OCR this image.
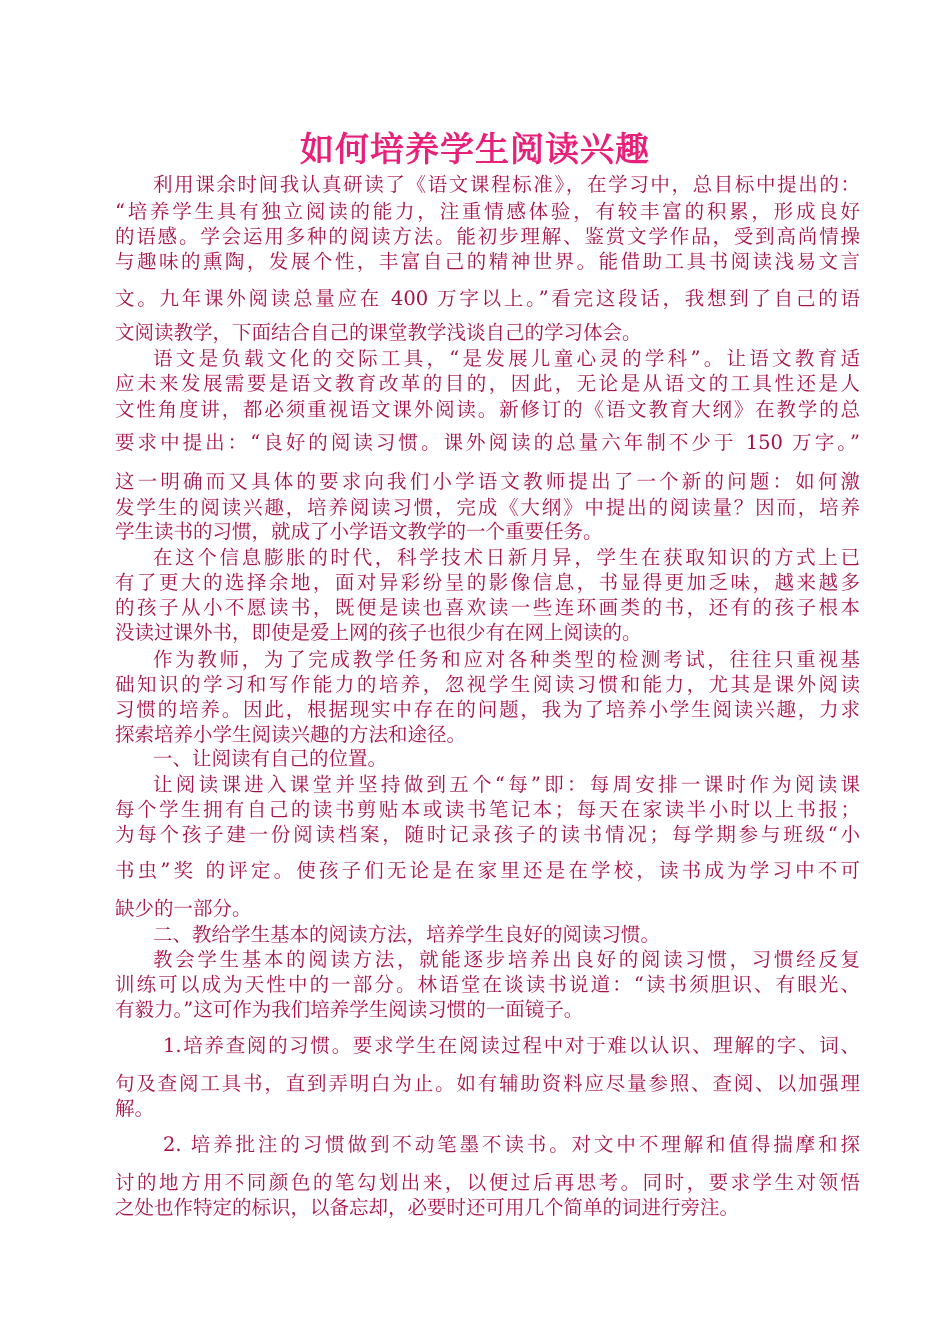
如何培养学生阅读兴趣
利用课余时间我认真研读了《语文课程标准》，在学习中，总目标中提出的：
“培养学生具有独立阅读的能力，注重情感体验，有较丰富的积累，形成良好
的语感。学会运用多种的阅读方法。能初步理解、鉴赏文学作品，受到高尚情操
与趣味的熏陶，发展个性，丰富自己的精神世界。能借助工具书阅读浅易文言
文。九年课外阅读总量应在 400 万字以上。”看完这段话，我想到了自己的语
文阅读教学，下面结合自己的课堂教学浅谈自己的学习体会。
语文是负载文化的交际工具，“是发展儿童心灵的学科”。让语文教育适
应未来发展需要是语文教育改革的目的，因此，无论是从语文的工具性还是人
文性角度讲，都必须重视语文课外阅读。新修订的《语文教育大纲》在教学的总
要求中提出：“良好的阅读习惯。课外阅读的总量六年制不少于 150 万字。”
这一明确而又具体的要求向我们小学语文教师提出了一个新的问题：如何激
发学生的阅读兴趣，培养阅读习惯，完成《大纲》中提出的阅读量？因而，培养
学生读书的习惯，就成了小学语文教学的一个重要任务。
在这个信息膨胀的时代，科学技术日新月异，学生在获取知识的方式上已
有了更大的选择余地，面对异彩纷呈的影像信息，书显得更加乏味，越来越多
的孩子从小不愿读书，既便是读也喜欢读一些连环画类的书，还有的孩子根本
没读过课外书，即使是爱上网的孩子也很少有在网上阅读的。
作为教师，为了完成教学任务和应对各种类型的检测考试，往往只重视基
础知识的学习和写作能力的培养，忽视学生阅读习惯和能力，尤其是课外阅读
习惯的培养。因此，根据现实中存在的问题，我为了培养小学生阅读兴趣，力求
探索培养小学生阅读兴趣的方法和途径。
一、让阅读有自己的位置。
让阅读课进入课堂并坚持做到五个“每”即：每周安排一课时作为阅读课
每个学生拥有自己的读书剪贴本或读书笔记本；每天在家读半小时以上书报；
为每个孩子建一份阅读档案，随时记录孩子的读书情况；每学期参与班级“小
书虫”奖 的评定。使孩子们无论是在家里还是在学校，读书成为学习中不可
缺少的一部分。
二、教给学生基本的阅读方法，培养学生良好的阅读习惯。
教会学生基本的阅读方法，就能逐步培养出良好的阅读习惯，习惯经反复
训练可以成为天性中的一部分。林语堂在谈读书说道：“读书须胆识、有眼光、
有毅力。”这可作为我们培养学生阅读习惯的一面镜子。
1.培养查阅的习惯。要求学生在阅读过程中对于难以认识、理解的字、词、
句及查阅工具书，直到弄明白为止。如有辅助资料应尽量参照、查阅、以加强理
解。
2. 培养批注的习惯做到不动笔墨不读书。对文中不理解和值得揣摩和探
讨的地方用不同颜色的笔勾划出来，以便过后再思考。同时，要求学生对领悟
之处也作特定的标识，以备忘却，必要时还可用几个简单的词进行旁注。
